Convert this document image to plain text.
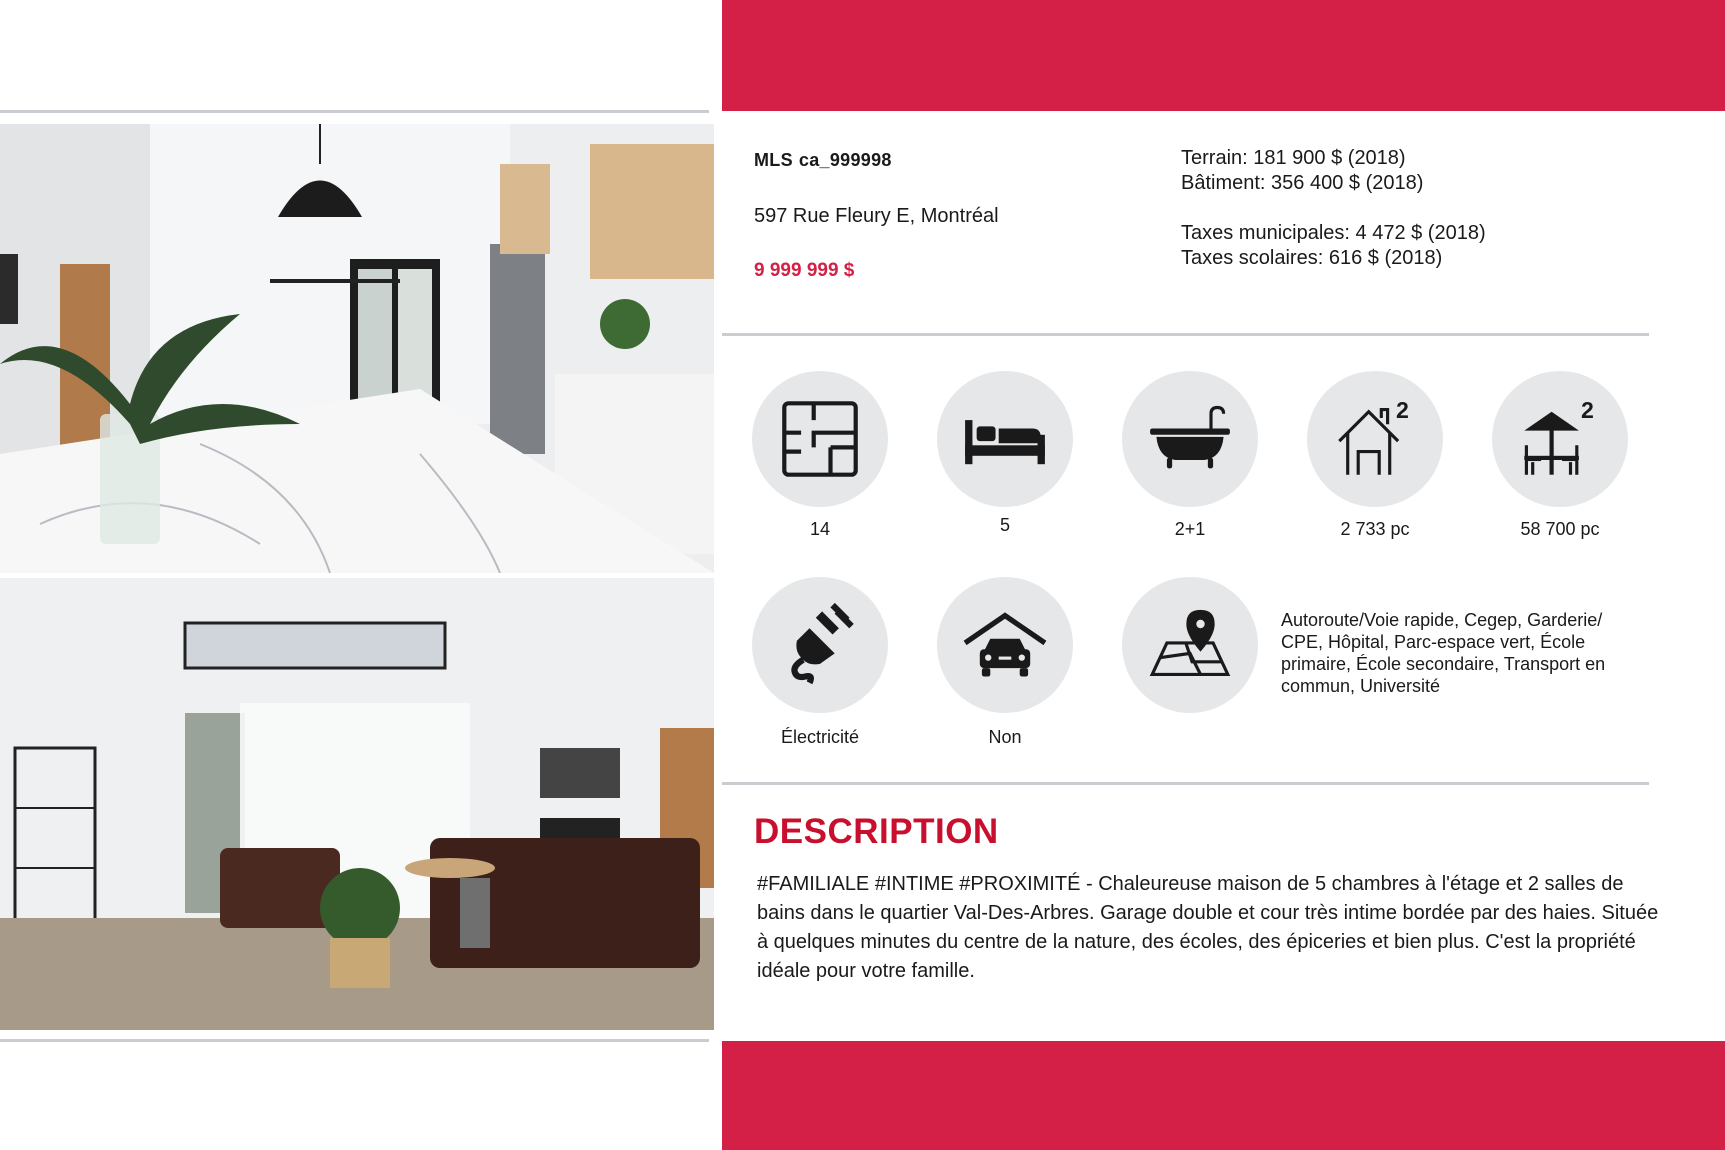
MLS ca_999998
597 Rue Fleury E, Montréal
9 999 999 $
Terrain: 181 900 $ (2018)
Bâtiment: 356 400 $ (2018)
Taxes municipales: 4 472 $ (2018)
Taxes scolaires: 616 $ (2018)
14	5	2+1
2
2 733 pc
2
58 700 pc
Électricité	Non
Autoroute/Voie rapide, Cegep, Garderie/ CPE, Hôpital, Parc-espace vert, École primaire, École secondaire, Transport en commun, Université
DESCRIPTION
#FAMILIALE #INTIME #PROXIMITÉ - Chaleureuse maison de 5 chambres à l'étage et 2 salles de bains dans le quartier Val-Des-Arbres. Garage double et cour très intime bordée par des haies. Située à quelques minutes du centre de la nature, des écoles, des épiceries et bien plus. C'est la propriété idéale pour votre famille.
